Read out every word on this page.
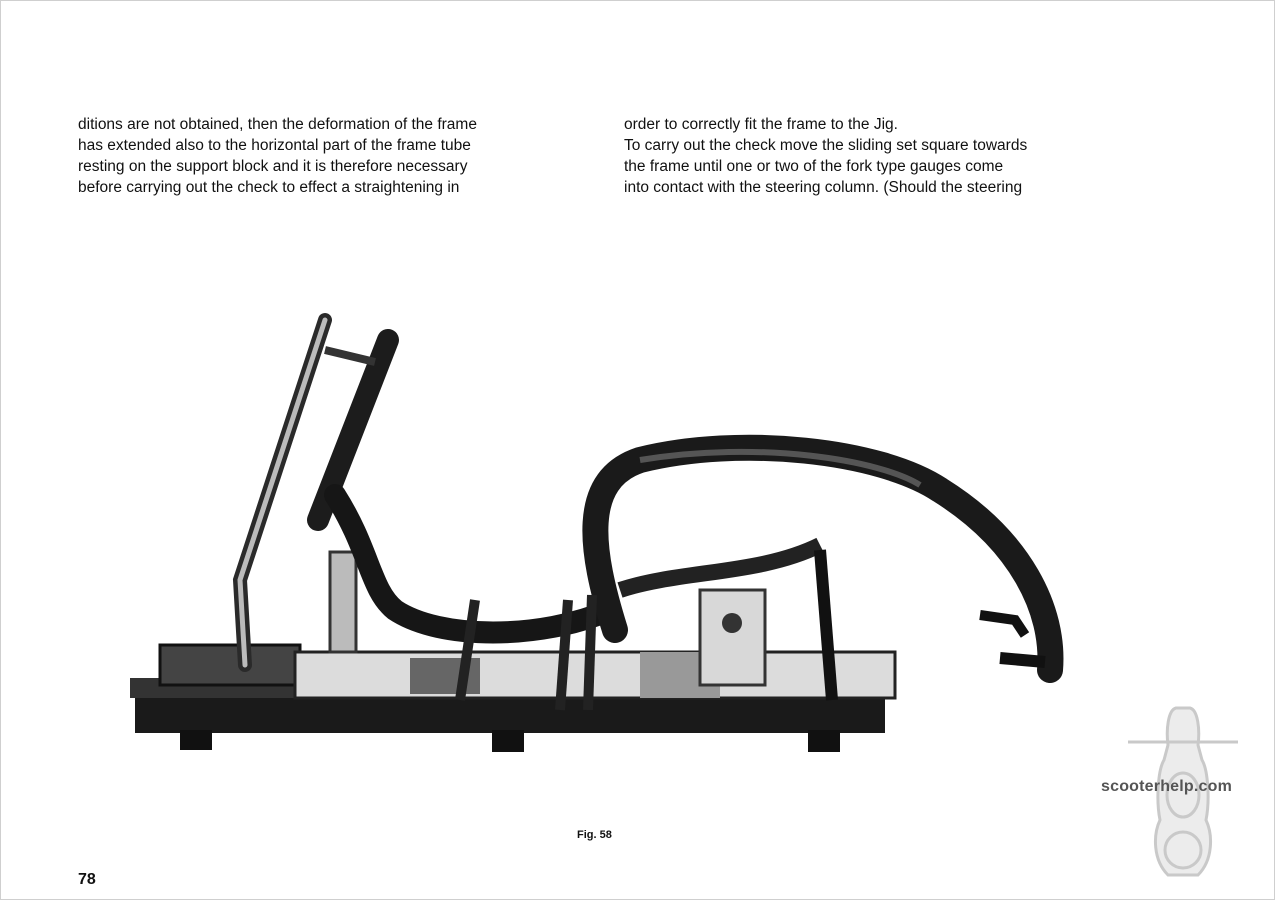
ditions are not obtained, then the deformation of the frame
has extended also to the horizontal part of the frame tube
resting on the support block and it is therefore necessary
before carrying out the check to effect a straightening in
order to correctly fit the frame to the Jig.
To carry out the check move the sliding set square towards
the frame until one or two of the fork type gauges come
into contact with the steering column. (Should the steering
Fig. 58
78
scooterhelp.com
